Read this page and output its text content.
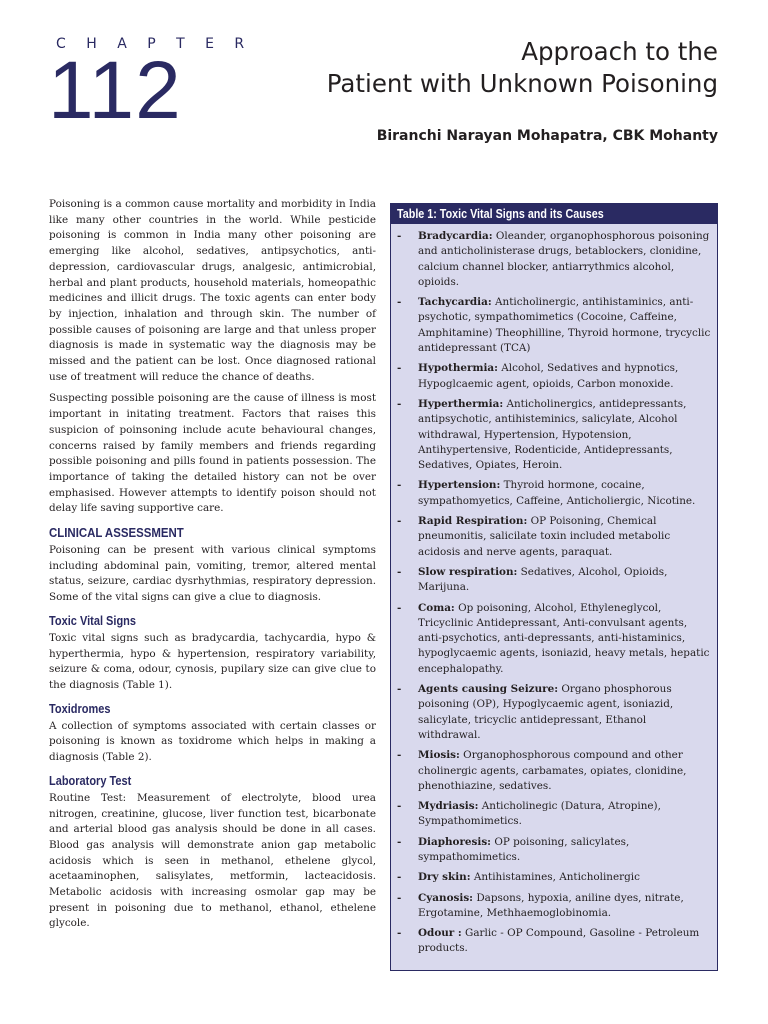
C H A P T E R
112	Approach to the
Patient with Unknown Poisoning
Biranchi Narayan Mohapatra, CBK Mohanty

Poisoning is a common cause mortality and morbidity in India like many other countries in the world. While pesticide poisoning is common in India many other poisoning are emerging like alcohol, sedatives, antipsychotics, anti-depression, cardiovascular drugs, analgesic, antimicrobial, herbal and plant products, household materials, homeopathic medicines and illicit drugs. The toxic agents can enter body by injection, inhalation and through skin. The number of possible causes of poisoning are large and that unless proper diagnosis is made in systematic way the diagnosis may be missed and the patient can be lost. Once diagnosed rational use of treatment will reduce the chance of deaths.

Suspecting possible poisoning are the cause of illness is most important in initating treatment. Factors that raises this suspicion of poinsoning include acute behavioural changes, concerns raised by family members and friends regarding possible poisoning and pills found in patients possession. The importance of taking the detailed history can not be over emphasised. However attempts to identify poison should not delay life saving supportive care.

CLINICAL ASSESSMENT

Poisoning can be present with various clinical symptoms including abdominal pain, vomiting, tremor, altered mental status, seizure, cardiac dysrhythmias, respiratory depression. Some of the vital signs can give a clue to diagnosis.

Toxic Vital Signs

Toxic vital signs such as bradycardia, tachycardia, hypo & hyperthermia, hypo & hypertension, respiratory variability, seizure & coma, odour, cynosis, pupilary size can give clue to the diagnosis (Table 1).

Toxidromes

A collection of symptoms associated with certain classes or poisoning is known as toxidrome which helps in making a diagnosis (Table 2).

Laboratory Test

Routine Test: Measurement of electrolyte, blood urea nitrogen, creatinine, glucose, liver function test, bicarbonate and arterial blood gas analysis should be done in all cases. Blood gas analysis will demonstrate anion gap metabolic acidosis which is seen in methanol, ethelene glycol, acetaaminophen, salisylates, metformin, lacteacidosis. Metabolic acidosis with increasing osmolar gap may be present in poisoning due to methanol, ethanol, ethelene glycole.

Table 1: Toxic Vital Signs and its Causes
- Bradycardia: Oleander, organophosphorous poisoning and anticholinisterase drugs, betablockers, clonidine, calcium channel blocker, antiarrythmics alcohol, opioids.
- Tachycardia: Anticholinergic, antihistaminics, anti-psychotic, sympathomimetics (Cocoine, Caffeine, Amphitamine) Theophilline, Thyroid hormone, trycyclic antidepressant (TCA)
- Hypothermia: Alcohol, Sedatives and hypnotics, Hypoglcaemic agent, opioids, Carbon monoxide.
- Hyperthermia: Anticholinergics, antidepressants, antipsychotic, antihisteminics, salicylate, Alcohol withdrawal, Hypertension, Hypotension, Antihypertensive, Rodenticide, Antidepressants, Sedatives, Opiates, Heroin.
- Hypertension: Thyroid hormone, cocaine, sympathomyetics, Caffeine, Anticholiergic, Nicotine.
- Rapid Respiration: OP Poisoning, Chemical pneumonitis, salicilate toxin included metabolic acidosis and nerve agents, paraquat.
- Slow respiration: Sedatives, Alcohol, Opioids, Marijuna.
- Coma: Op poisoning, Alcohol, Ethyleneglycol, Tricyclinic Antidepressant, Anti-convulsant agents, anti-psychotics, anti-depressants, anti-histaminics, hypoglycaemic agents, isoniazid, heavy metals, hepatic encephalopathy.
- Agents causing Seizure: Organo phosphorous poisoning (OP), Hypoglycaemic agent, isoniazid, salicylate, tricyclic antidepressant, Ethanol withdrawal.
- Miosis: Organophosphorous compound and other cholinergic agents, carbamates, opiates, clonidine, phenothiazine, sedatives.
- Mydriasis: Anticholinegic (Datura, Atropine), Sympathomimetics.
- Diaphoresis: OP poisoning, salicylates, sympathomimetics.
- Dry skin: Antihistamines, Anticholinergic
- Cyanosis: Dapsons, hypoxia, aniline dyes, nitrate, Ergotamine, Methhaemoglobinomia.
- Odour : Garlic - OP Compound, Gasoline - Petroleum products.
